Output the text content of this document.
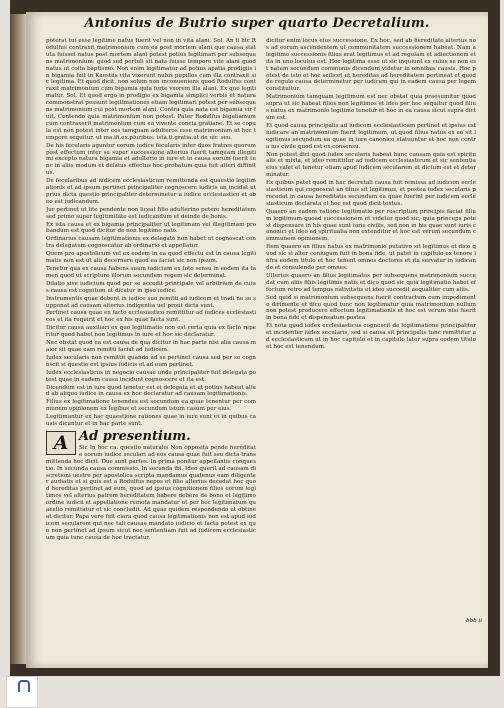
Antonius de Butrio super quarto Decretalium.

poterat tui esse legitime natus fuerit vel non in vita alani. Sol. An fi hic Rodulfus contraxit matrimonium cum ea post mortem alani que causa statuta fuisset natus post mortem alani potest potius legitimari per subsequens matrimonium: quod sed pertuli sit nata fuisse tempore vite alani quod natus ut coita baptismo. Non enim legitimatur ad potius apatia prodigiis in bigamia fuit in Kaestiis vita vixerunt nubis pupillos cum illa contraxit sic legitima. Et quod dicit, non solum non inconueniens quod Rodulfus contraxit matrimonium cum bigamia quia forte vxorem illa alani. Ex quo legitimatur. Sol. Et quod ergo in prodigio ex bigamia simplici verbis et natura commonstrat possunt legitimationes etiam legitimari potest per subsequens matrimonium cui post mortem alani. Contra quia nata est bigamia vir fuit. Contendo quia matrimonium non potest. Pater Rodulfus bigaliamum cum contraxerit matrimonium cum ea vivente concia gratiane. Et se copula est non potest inter eos tamquam adulteros esse matrimonium ut hoc tempore sequitur. ut ma.ifi.ex.pluribus. ista.ti.gratia.ut de uir. seu.

De his fecularis aguntur eorum iudice fecularis inter duos fratres quorum post effectum inter se super successione alterius fuerit tamquam illegitimi excepto natura bigamia et adulterio in iure et in causa eorum fuerit tunc in aliis modum et delatus effectus hoc probatum quia fuit alteri diffinitus.

De fecularibus ad iudicem ecclesiasticum remittenda est quaestio legitimationis et ad ipsum pertinet principaliter cognoscere iudicis an incidat ut prius dicta questio principaliter determinetur a iudice ecclesiastico et ab eo est iudicandum.

Jur pertinet ut lite pendente non liceat filio adulterino petere hereditatem sed primo super legitimitate est iudicandum et deinde de bonis.

Ex ista causa et ex bigamia principaliter ut legitimam vel illegitimam probandum est quod dicitur de non legitimo nato.

Ordinarius causam legitimationis ex delegato non habet ut cognoscat contra delegatum cognoscatur ab ordinario et appellatur.

Quem pro apostolicum vel ex eodem in ea quod effectu est in causa legitimatis non est ut alii decernere quod ea faciat sic non ipsum.

Tenetur qua ex causa habens suum iudicium ex toto sensu in eodem ita tamen quod ut scripture illorum secundum regem sic determinat.

Dilatio sive iudicium quod per se accedit principale vel arbitrium de cuius causa est cognitum ut dicatur in ipso iudice.

Instrumentis quae debent in iudice suo remitti ad iudicem et tradi ne se supponat ad causam alterius indigentia uel prout dicta sunt.

Pertinet causa quae ex facto ecclesiastico remittitur ad iudices ecclesiasticos et ita requirit et hoc ex his quae facta sunt.

Dicitur causa auxiliari ex quo legitimatio non est certa quia ex facto reperitur quod habet non legitimus in iure et hoc sic declaratur.

Nec obstat quod ea est causa de qua dicitur in hac parte nisi alia causa maior sit quae eam remitti faciat ad iudicem.

Iudex secularis non remittit quando ad se pertinet causa sed per se cognoscit si questio est ipsius iudicis et ad eum pertinet.

Iudex ecclesiasticus in negocio causae unde principaliter fuit delegata potest quae in eadem causa incidunt cognoscere et ita est.

Dicendum est in iure quod tenetur est ei delegata et ut potius habeat aliud ab aliquo iudice in causa ex hoc declaratur ad causam legitimationis.

Filius ex legitimatione tenendus est secundum ea quae tenentur per communem opinionem ex legibus et secundum istum casum per eius.

Legitimantur ex hac quaestione rationes quae in iure sunt et in quibus causis dicuntur et in hac parte sunt.

A Ad presentium.

Sic In hoc ca. questio naturalis Non opposita pende hereditate eorum iudice seculari ad eos causa quae fuit seu dicta transmittenda hoc dicit. Due sunt partes. In prima ponitur appellantis conquestio. In secunda causa commissio. In secunda ibi. Ideo querit ad causam discretioni uestre per apostolica scripta mandamus quatenus eam diligenter audiatis et si quis est a Rodulfus nepos et filio alterius decedat hoc quod hereditas pertinet ad eum, quod ad ipsius cognitionem filios eorum legitimos vel alterius patrem hereditatem habere debere de bono et legitimo ordine iudicii et appellatione remota mandatur ut per hoc legitimatum quaestio remittatur et sic concludit. Ad quae quidem respondendo ut obtineat dicitur. Papa vero fuit clara quod causa legitimationis non est apud iudicem secularem qui nec tali causae mandato iudicio et facta potest ex quo non pertinet ad ipsum sicut nec sententiam fuit ad iudicem ecclesiasticum quia tunc causa de hoc tractatur.

dicitur enim locus eius successione. Ex hoc. sed ab hereditate alterius nos ad eorum ascendentem ut communitatem successionem habeat. Nam a legitimo successionis filius erat legitimus et ad regulam et adiectionem et ita in uno locutus est. Hoc legitima esse ut sic inquiunt ex cuius se non est natum secundum communis dicendum videtur in omnibus causis. Hoc potest de isto et hoc scilicet ut hereditas ad hereditatem pertineat et quod de regulo causa determinetur per iudicem qui in eadem causa per legem constituitur.

Matrimonium tamquam legitimum est nec obstat quia praesumitur quod supra ut sic habeat filios non legitimos et ideo per hoc sequitur quod filius natus ex matrimonio legitimo tenetur et hoc in ea causa sicut supra dictum est.

Et quod causa principalis ad iudicem ecclesiasticum pertinet et ipsius est iudicare an matrimonium fuerit legitimum, ut quod filius natus ex eo sit legitimus secundum ea quae in iure canonico statuuntur et hoc non contra ius civile quod est ex consensu.

Non potest dici quod iudex secularis habeat hanc causam quia est spiritualis et mixta, et ideo remittitur ad iudicem ecclesiasticum et sic sententia eius valet et tenetur etiam apud iudicem secularem ut dictum est et determinatur.

Ex quibus patet quod in hac decretali causa fuit remissa ad iudicem ecclesiasticum qui cognoscat an filius sit legitimus, et postea iudex secularis procedat in causa hereditatis secundum ea quae fuerint per iudicem ecclesiasticum declarata et hoc est quod dicit textus.

Quaero an eadem ratione legitimatio per rescriptum principis faciat filium legitimum quoad successionem et videtur quod sic, quia princeps potest dispensare in his quae sunt iuris civilis, sed non in his quae sunt iuris canonici et ideo ad spiritualia non extenditur et hoc est verum secundum communem opinionem.

Item quaero an filius natus ex matrimonio putativo sit legitimus et dico quod sic si alter coniugum fuit in bona fide, ut patet in capitulo ex tenore infra eodem titulo et hoc tenent omnes doctores et ita servatur in iudicando et consulendo per omnes.

Ulterius quaero an filius legitimatus per subsequens matrimonium succedat cum aliis filiis legitimis natis et dico quod sic quia legitimatio habet effectum retro ad tempus nativitatis et ideo succedit aequaliter cum aliis.

Sed quid si matrimonium subsequens fuerit contractum cum impedimento dirimente et dico quod tunc non legitimatur quia matrimonium nullum non potest producere effectum legitimationis et hoc est verum nisi fuerit in bona fide et dispensatum postea.

Et nota quod iudex ecclesiasticus cognoscit de legitimatione principaliter et incidenter iudex secularis, sed si causa sit principalis tunc remittitur ad ecclesiasticum ut in hoc capitulo et in capitulo lator supra eodem titulo et hoc est tenendum.

bbb ii
